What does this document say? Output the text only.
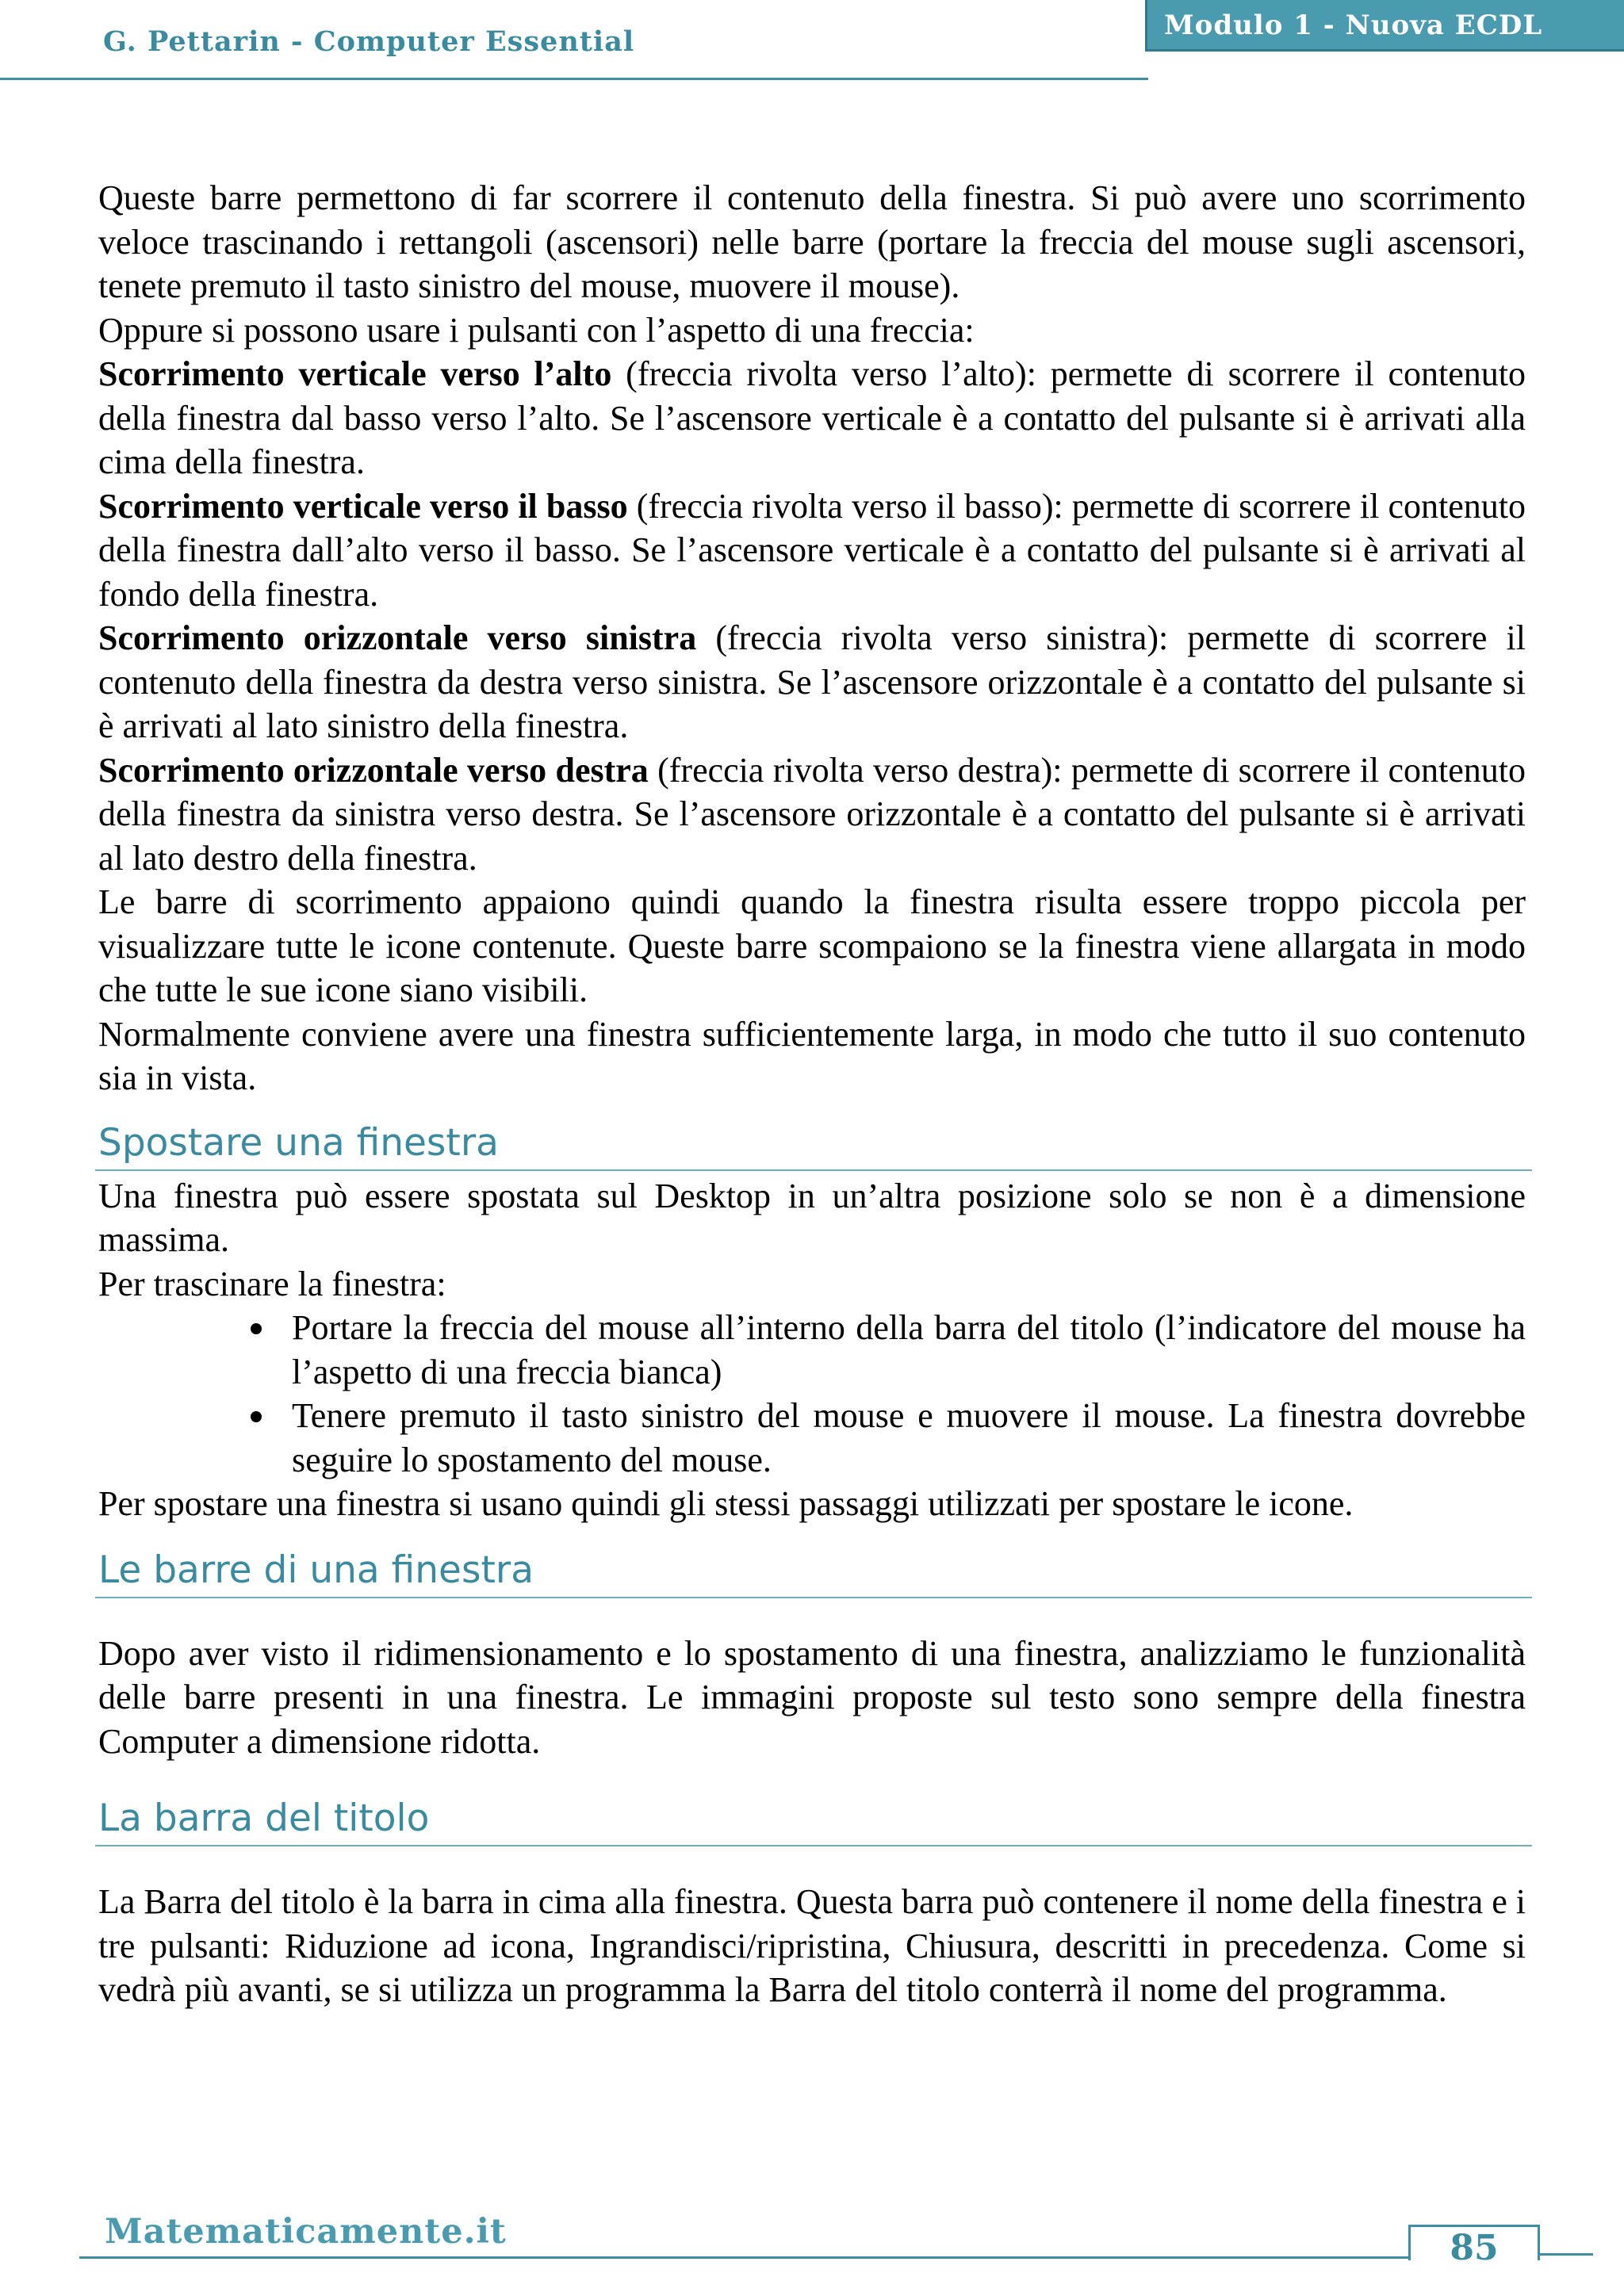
G. Pettarin - Computer Essential	Modulo 1 - Nuova ECDL

Queste barre permettono di far scorrere il contenuto della finestra. Si può avere uno scorrimento veloce trascinando i rettangoli (ascensori) nelle barre (portare la freccia del mouse sugli ascensori, tenete premuto il tasto sinistro del mouse, muovere il mouse).

Oppure si possono usare i pulsanti con l’aspetto di una freccia:

Scorrimento verticale verso l’alto (freccia rivolta verso l’alto): permette di scorrere il contenuto della finestra dal basso verso l’alto. Se l’ascensore verticale è a contatto del pulsante si è arrivati alla cima della finestra.

Scorrimento verticale verso il basso (freccia rivolta verso il basso): permette di scorrere il contenuto della finestra dall’alto verso il basso. Se l’ascensore verticale è a contatto del pulsante si è arrivati al fondo della finestra.

Scorrimento orizzontale verso sinistra (freccia rivolta verso sinistra): permette di scorrere il contenuto della finestra da destra verso sinistra. Se l’ascensore orizzontale è a contatto del pulsante si è arrivati al lato sinistro della finestra.

Scorrimento orizzontale verso destra (freccia rivolta verso destra): permette di scorrere il contenuto della finestra da sinistra verso destra. Se l’ascensore orizzontale è a contatto del pulsante si è arrivati al lato destro della finestra.

Le barre di scorrimento appaiono quindi quando la finestra risulta essere troppo piccola per visualizzare tutte le icone contenute. Queste barre scompaiono se la finestra viene allargata in modo che tutte le sue icone siano visibili.

Normalmente conviene avere una finestra sufficientemente larga, in modo che tutto il suo contenuto sia in vista.

Spostare una finestra

Una finestra può essere spostata sul Desktop in un’altra posizione solo se non è a dimensione massima.

Per trascinare la finestra:

Portare la freccia del mouse all’interno della barra del titolo (l’indicatore del mouse ha l’aspetto di una freccia bianca)
Tenere premuto il tasto sinistro del mouse e muovere il mouse. La finestra dovrebbe seguire lo spostamento del mouse.

Per spostare una finestra si usano quindi gli stessi passaggi utilizzati per spostare le icone.

Le barre di una finestra

Dopo aver visto il ridimensionamento e lo spostamento di una finestra, analizziamo le funzionalità delle barre presenti in una finestra. Le immagini proposte sul testo sono sempre della finestra Computer a dimensione ridotta.

La barra del titolo

La Barra del titolo è la barra in cima alla finestra. Questa barra può contenere il nome della finestra e i tre pulsanti: Riduzione ad icona, Ingrandisci/ripristina, Chiusura, descritti in precedenza. Come si vedrà più avanti, se si utilizza un programma la Barra del titolo conterrà il nome del programma.

Matematicamente.it	85
